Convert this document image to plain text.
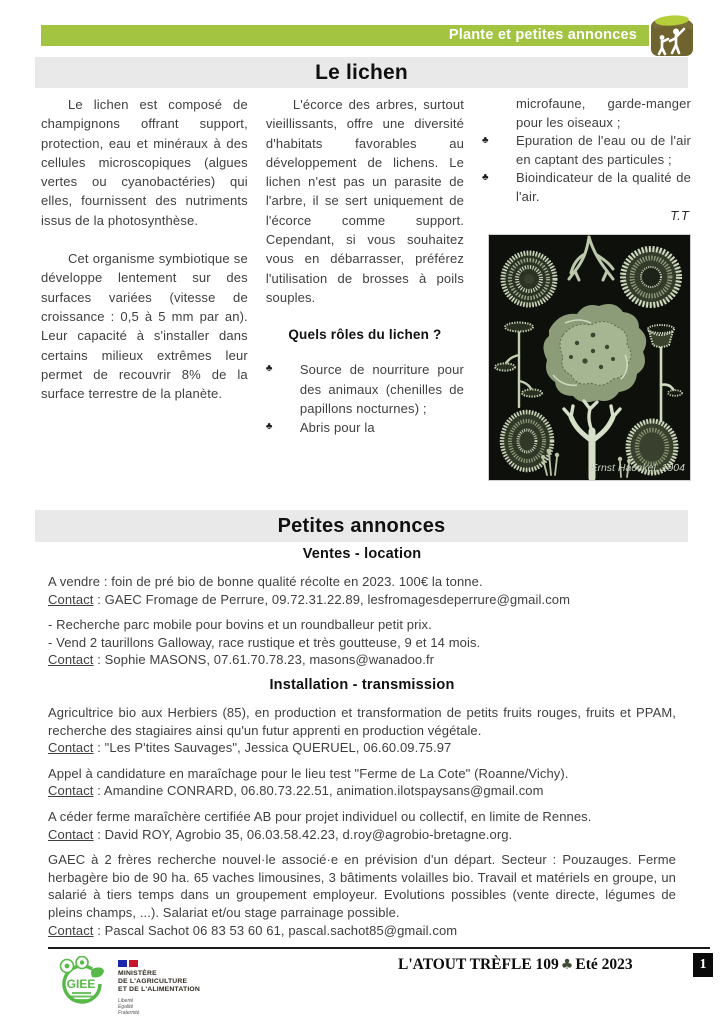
Plante et petites annonces
Le lichen

Le lichen est composé de champignons offrant support, protection, eau et minéraux à des cellules microscopiques (algues vertes ou cyanobactéries) qui elles, fournissent des nutriments issus de la photosynthèse.

Cet organisme symbiotique se développe lentement sur des surfaces variées (vitesse de croissance : 0,5 à 5 mm par an). Leur capacité à s'installer dans certains milieux extrêmes leur permet de recouvrir 8% de la surface terrestre de la planète.

L'écorce des arbres, surtout vieillissants, offre une diversité d'habitats favorables au développement de lichens. Le lichen n'est pas un parasite de l'arbre, il se sert uniquement de l'écorce comme support. Cependant, si vous souhaitez vous en débarrasser, préférez l'utilisation de brosses à poils souples.

Quels rôles du lichen ?
♣	Source de nourriture pour des animaux (chenilles de papillons nocturnes) ;
♣	Abris pour la

microfaune, garde-manger pour les oiseaux ;

♣	Epuration de l'eau ou de l'air en captant des particules ;
♣	Bioindicateur de la qualité de l'air.

T.T

Ernst Haeckel, 1904
Petites annonces
Ventes - location
A vendre : foin de pré bio de bonne qualité récolte en 2023. 100€ la tonne.
Contact : GAEC Fromage de Perrure, 09.72.31.22.89, lesfromagesdeperrure@gmail.com
- Recherche parc mobile pour bovins et un roundballeur petit prix.
- Vend 2 taurillons Galloway, race rustique et très goutteuse, 9 et 14 mois.
Contact : Sophie MASONS, 07.61.70.78.23, masons@wanadoo.fr
Installation - transmission
Agricultrice bio aux Herbiers (85), en production et transformation de petits fruits rouges, fruits et PPAM, recherche des stagiaires ainsi qu'un futur apprenti en production végétale.
Contact : "Les P'tites Sauvages", Jessica QUERUEL, 06.60.09.75.97
Appel à candidature en maraîchage pour le lieu test "Ferme de La Cote" (Roanne/Vichy).
Contact : Amandine CONRARD, 06.80.73.22.51, animation.ilotspaysans@gmail.com
A céder ferme maraîchère certifiée AB pour projet individuel ou collectif, en limite de Rennes.
Contact : David ROY, Agrobio 35, 06.03.58.42.23, d.roy@agrobio-bretagne.org.
GAEC à 2 frères recherche nouvel·le associé·e en prévision d'un départ. Secteur : Pouzauges. Ferme herbagère bio de 90 ha. 65 vaches limousines, 3 bâtiments volailles bio. Travail et matériels en groupe, un salarié à tiers temps dans un groupement employeur. Evolutions possibles (vente directe, légumes de pleins champs, ...). Salariat et/ou stage parrainage possible.
Contact : Pascal Sachot 06 83 53 60 61, pascal.sachot85@gmail.com
GIEE
MINISTÈRE
DE L'AGRICULTURE
ET DE L'ALIMENTATION
Liberté
Égalité
Fraternité
L'ATOUT TRÈFLE 109 ♣ Eté 2023	1
